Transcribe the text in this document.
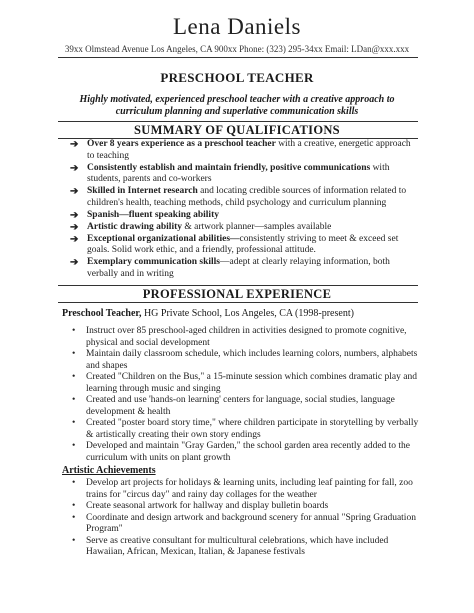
Lena Daniels
39xx Olmstead Avenue Los Angeles, CA 900xx Phone: (323) 295-34xx Email: LDan@xxx.xxx
PRESCHOOL TEACHER
Highly motivated, experienced preschool teacher with a creative approach to curriculum planning and superlative communication skills
SUMMARY OF QUALIFICATIONS
➔ Over 8 years experience as a preschool teacher with a creative, energetic approach to teaching
➔ Consistently establish and maintain friendly, positive communications with students, parents and co-workers
➔ Skilled in Internet research and locating credible sources of information related to children's health, teaching methods, child psychology and curriculum planning
➔ Spanish—fluent speaking ability
➔ Artistic drawing ability & artwork planner—samples available
➔ Exceptional organizational abilities—consistently striving to meet & exceed set goals. Solid work ethic, and a friendly, professional attitude.
➔ Exemplary communication skills—adept at clearly relaying information, both verbally and in writing
PROFESSIONAL EXPERIENCE
Preschool Teacher, HG Private School, Los Angeles, CA (1998-present)
• Instruct over 85 preschool-aged children in activities designed to promote cognitive, physical and social development
• Maintain daily classroom schedule, which includes learning colors, numbers, alphabets and shapes
• Created "Children on the Bus," a 15-minute session which combines dramatic play and learning through music and singing
• Created and use 'hands-on learning' centers for language, social studies, language development & health
• Created "poster board story time," where children participate in storytelling by verbally & artistically creating their own story endings
• Developed and maintain "Gray Garden," the school garden area recently added to the curriculum with units on plant growth
Artistic Achievements
• Develop art projects for holidays & learning units, including leaf painting for fall, zoo trains for "circus day" and rainy day collages for the weather
• Create seasonal artwork for hallway and display bulletin boards
• Coordinate and design artwork and background scenery for annual "Spring Graduation Program"
• Serve as creative consultant for multicultural celebrations, which have included Hawaiian, African, Mexican, Italian, & Japanese festivals
